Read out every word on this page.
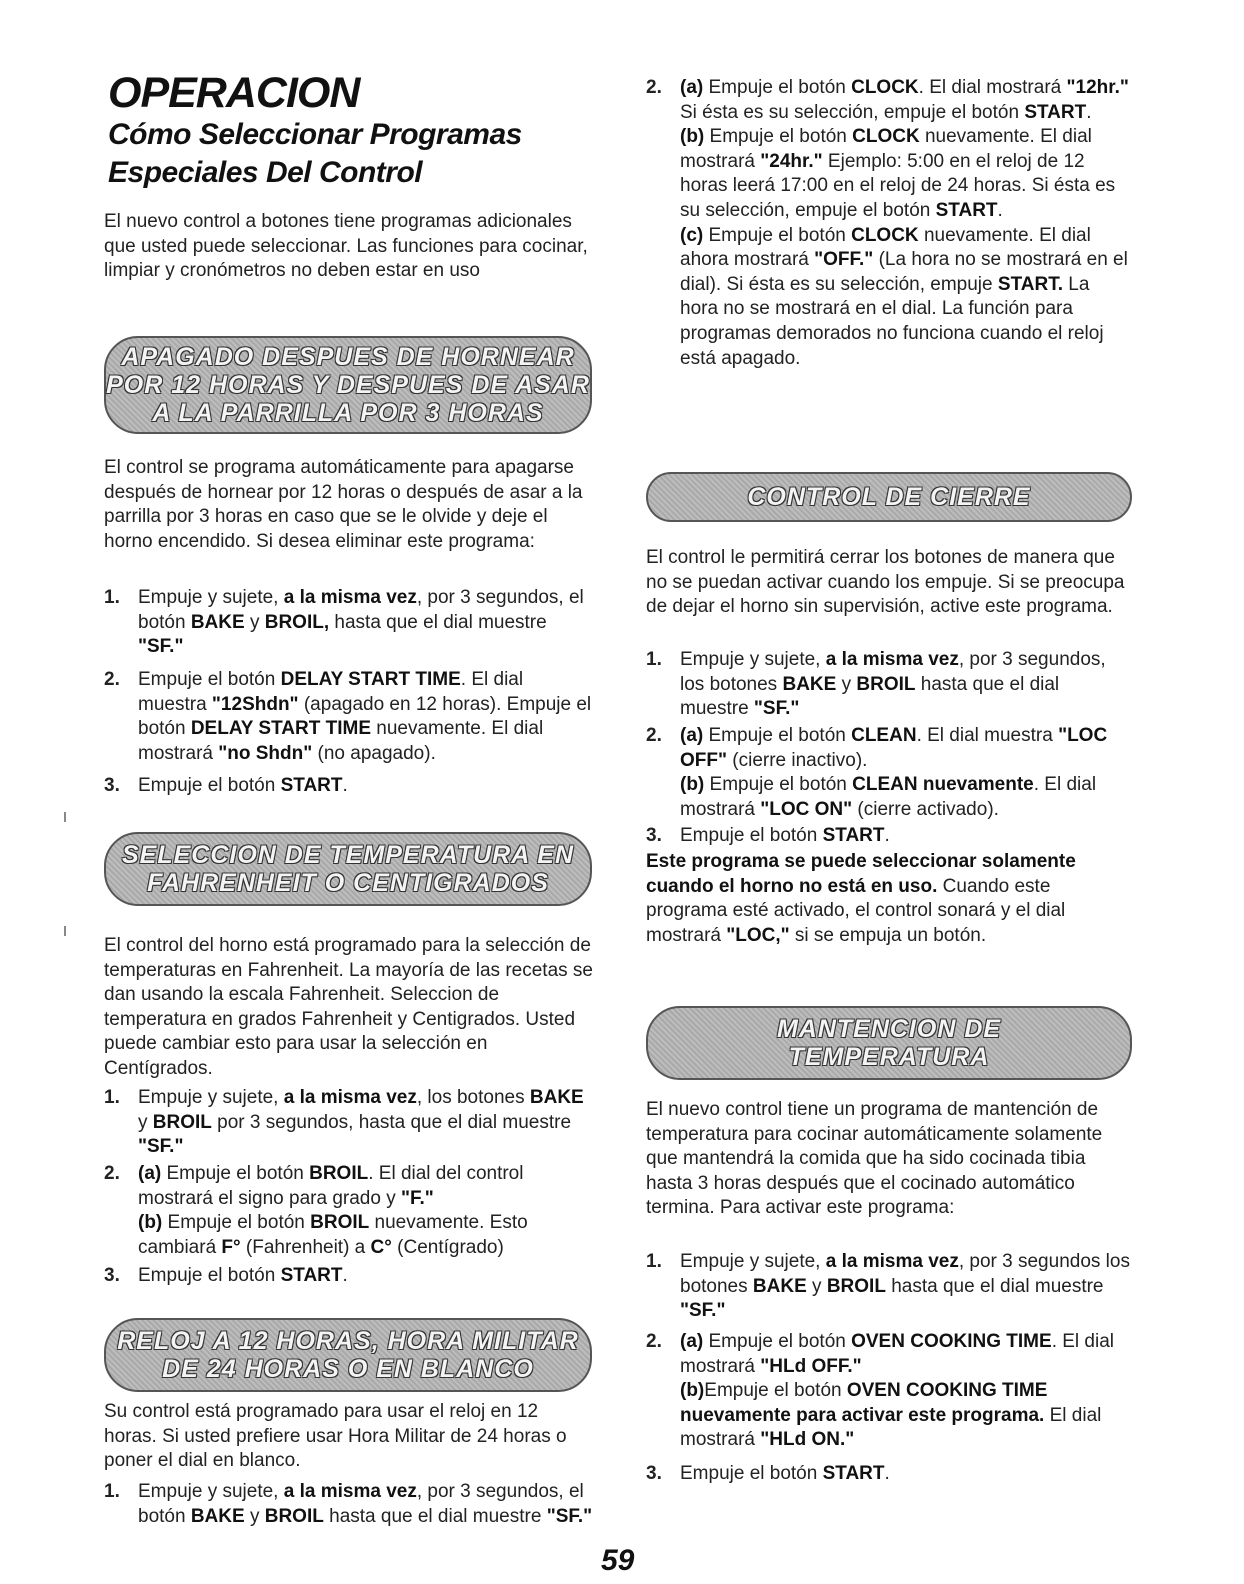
OPERACION
Cómo Seleccionar Programas Especiales Del Control

El nuevo control a botones tiene programas adicionales que usted puede seleccionar. Las funciones para cocinar, limpiar y cronómetros no deben estar en uso

APAGADO DESPUES DE HORNEAR
POR 12 HORAS Y DESPUES DE ASAR
A LA PARRILLA POR 3 HORAS

El control se programa automáticamente para apagarse después de hornear por 12 horas o después de asar a la parrilla por 3 horas en caso que se le olvide y deje el horno encendido. Si desea eliminar este programa:

1. Empuje y sujete, a la misma vez, por 3 segundos, el botón BAKE y BROIL, hasta que el dial muestre "SF."
2. Empuje el botón DELAY START TIME. El dial muestra "12Shdn" (apagado en 12 horas). Empuje el botón DELAY START TIME nuevamente. El dial mostrará "no Shdn" (no apagado).
3. Empuje el botón START.
SELECCION DE TEMPERATURA EN
FAHRENHEIT O CENTIGRADOS

El control del horno está programado para la selección de temperaturas en Fahrenheit. La mayoría de las recetas se dan usando la escala Fahrenheit. Seleccion de temperatura en grados Fahrenheit y Centigrados. Usted puede cambiar esto para usar la selección en Centígrados.

1. Empuje y sujete, a la misma vez, los botones BAKE y BROIL por 3 segundos, hasta que el dial muestre "SF."
2. (a) Empuje el botón BROIL. El dial del control mostrará el signo para grado y "F."
(b) Empuje el botón BROIL nuevamente. Esto cambiará F° (Fahrenheit) a C° (Centígrado)
3. Empuje el botón START.
RELOJ A 12 HORAS, HORA MILITAR
DE 24 HORAS O EN BLANCO

Su control está programado para usar el reloj en 12 horas. Si usted prefiere usar Hora Militar de 24 horas o poner el dial en blanco.

1. Empuje y sujete, a la misma vez, por 3 segundos, el botón BAKE y BROIL hasta que el dial muestre "SF."
2. (a) Empuje el botón CLOCK. El dial mostrará "12hr." Si ésta es su selección, empuje el botón START.
(b) Empuje el botón CLOCK nuevamente. El dial mostrará "24hr." Ejemplo: 5:00 en el reloj de 12 horas leerá 17:00 en el reloj de 24 horas. Si ésta es su selección, empuje el botón START.
(c) Empuje el botón CLOCK nuevamente. El dial ahora mostrará "OFF." (La hora no se mostrará en el dial). Si ésta es su selección, empuje START. La hora no se mostrará en el dial. La función para programas demorados no funciona cuando el reloj está apagado.
CONTROL DE CIERRE

El control le permitirá cerrar los botones de manera que no se puedan activar cuando los empuje. Si se preocupa de dejar el horno sin supervisión, active este programa.

1. Empuje y sujete, a la misma vez, por 3 segundos, los botones BAKE y BROIL hasta que el dial muestre "SF."
2. (a) Empuje el botón CLEAN. El dial muestra "LOC OFF" (cierre inactivo).
(b) Empuje el botón CLEAN nuevamente. El dial mostrará "LOC ON" (cierre activado).
3. Empuje el botón START.

Este programa se puede seleccionar solamente cuando el horno no está en uso. Cuando este programa esté activado, el control sonará y el dial mostrará "LOC," si se empuja un botón.

MANTENCION DE
TEMPERATURA

El nuevo control tiene un programa de mantención de temperatura para cocinar automáticamente solamente que mantendrá la comida que ha sido cocinada tibia hasta 3 horas después que el cocinado automático termina. Para activar este programa:

1. Empuje y sujete, a la misma vez, por 3 segundos los botones BAKE y BROIL hasta que el dial muestre "SF."
2. (a) Empuje el botón OVEN COOKING TIME. El dial mostrará "HLd OFF."
(b)Empuje el botón OVEN COOKING TIME nuevamente para activar este programa. El dial mostrará "HLd ON."
3. Empuje el botón START.

59
